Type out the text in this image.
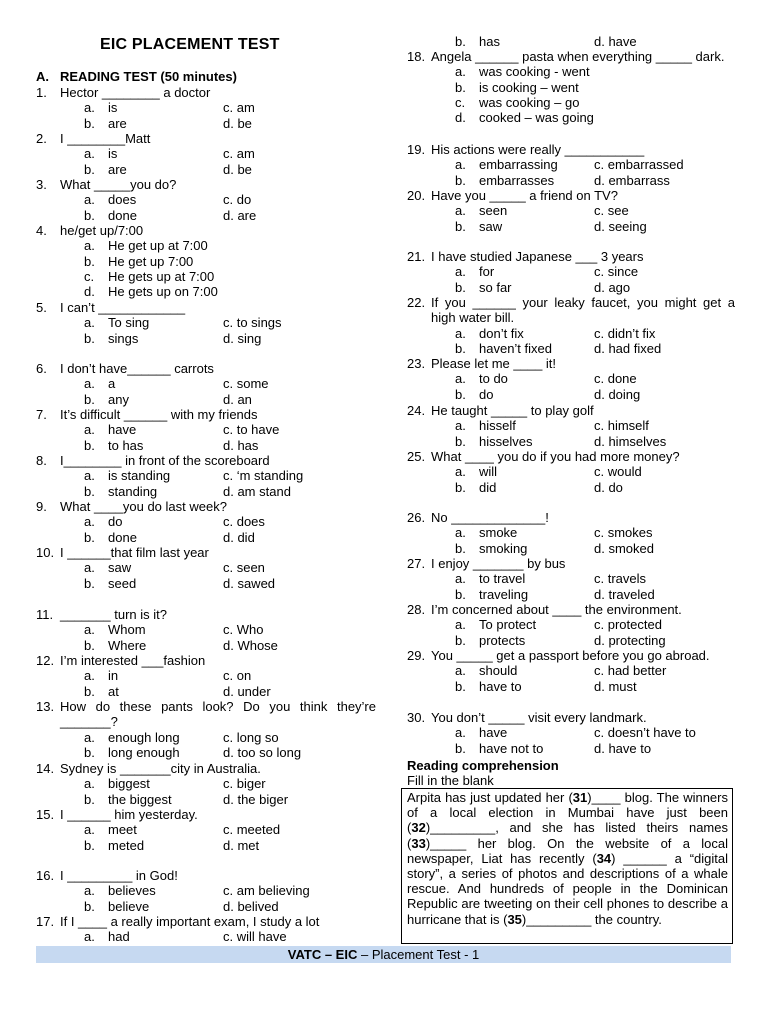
EIC PLACEMENT TEST
A. READING TEST (50 minutes)
1.	Hector ________ a doctor
a.	is	c. am
b.	are	d. be
2.	I ________Matt
a.	is	c. am
b.	are	d. be
3.	What _____you do?
a.	does	c. do
b.	done	d. are
4.	he/get up/7:00
a.	He get up at 7:00
b.	He get up 7:00
c.	He gets up at 7:00
d.	He gets up on 7:00
5.	I can’t ____________
a.	To sing	c. to sings
b.	sings	d. sing
6.	I don’t have______ carrots
a.	a	c. some
b.	any	d. an
7.	It’s difficult ______ with my friends
a.	have	c. to have
b.	to has	d. has
8.	I________ in front of the scoreboard
a.	is standing	c. ‘m standing
b.	standing	d. am stand
9.	What ____you do last week?
a.	do	c. does
b.	done	d. did
10. I ______that film last year
a.	saw	c. seen
b.	seed	d. sawed
11. _______ turn is it?
a.	Whom	c. Who
b.	Where	d. Whose
12. I’m interested ___fashion
a.	in	c. on
b.	at	d. under
13. How do these pants look? Do you think they’re _______?
a.	enough long	c. long so
b.	long enough	d. too so long
14. Sydney is _______city in Australia.
a.	biggest	c. biger
b.	the biggest	d. the biger
15. I ______ him yesterday.
a.	meet	c. meeted
b.	meted	d. met
16. I _________ in God!
a.	believes	c. am believing
b.	believe	d. belived
17. If I ____ a really important exam, I study a lot
a.	had	c. will have
b.	has	d. have
18. Angela ______ pasta when everything _____ dark.
a.	was cooking - went
b.	is cooking – went
c.	was cooking – go
d.	cooked – was going
19. His actions were really ___________
a.	embarrassing	c. embarrassed
b.	embarrasses	d. embarrass
20. Have you _____ a friend on TV?
a.	seen	c. see
b.	saw	d. seeing
21. I have studied Japanese ___ 3 years
a.	for	c. since
b.	so far	d. ago
22. If you ______ your leaky faucet, you might get a high water bill.
a.	don’t fix	c. didn’t fix
b.	haven’t fixed	d. had fixed
23. Please let me ____ it!
a.	to do	c. done
b.	do	d. doing
24. He taught _____ to play golf
a.	hisself	c. himself
b.	hisselves	d. himselves
25. What ____ you do if you had more money?
a.	will	c. would
b.	did	d. do
26. No _____________!
a.	smoke	c. smokes
b.	smoking	d. smoked
27. I enjoy _______ by bus
a.	to travel	c. travels
b.	traveling	d. traveled
28. I’m concerned about ____ the environment.
a.	To protect	c. protected
b.	protects	d. protecting
29. You _____ get a passport before you go abroad.
a.	should	c. had better
b.	have to	d. must
30. You don’t _____ visit every landmark.
a.	have	c. doesn’t have to
b.	have not to	d. have to
Reading comprehension
Fill in the blank
Arpita has just updated her (31)____ blog. The winners of a local election in Mumbai have just been (32)_________, and she has listed theirs names (33)_____ her blog. On the website of a local newspaper, Liat has recently (34) ______ a “digital story”, a series of photos and descriptions of a whale rescue. And hundreds of people in the Dominican Republic are tweeting on their cell phones to describe a hurricane that is (35)_________ the country.
VATC – EIC – Placement Test - 1
